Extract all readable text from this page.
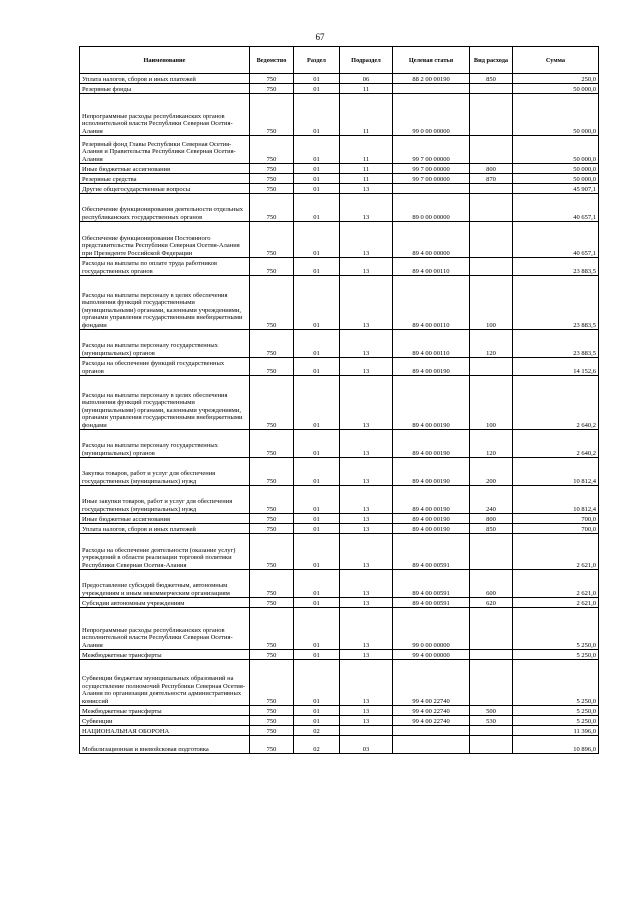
67
Наименование	Ведомство	Раздел	Подраздел	Целевая статья	Вид расхода	Сумма
Уплата налогов, сборов и иных платежей	750	01	06	88 2 00 00190	850	250,0
Резервные фонды	750	01	11			50 000,0
Непрограммные расходы республиканских органов исполнительной власти Республики Северная Осетия-Алания	750	01	11	99 0 00 00000		50 000,0
Резервный фонд Главы Республики Северная Осетия-Алания и Правительства Республики Северная Осетия-Алания	750	01	11	99 7 00 00000		50 000,0
Иные бюджетные ассигнования	750	01	11	99 7 00 00000	800	50 000,0
Резервные средства	750	01	11	99 7 00 00000	870	50 000,0
Другие общегосударственные вопросы	750	01	13			45 907,1
Обеспечение функционирования деятельности отдельных республиканских государственных органов	750	01	13	89 0 00 00000		40 657,1
Обеспечение функционирования Постоянного представительства Республики Северная Осетия-Алания при Президенте Российской Федерации	750	01	13	89 4 00 00000		40 657,1
Расходы на выплаты по оплате труда работников государственных органов	750	01	13	89 4 00 00110		23 883,5
Расходы на выплаты персоналу в целях обеспечения выполнения функций государственными (муниципальными) органами, казенными учреждениями, органами управления государственными внебюджетными фондами	750	01	13	89 4 00 00110	100	23 883,5
Расходы на выплаты персоналу государственных (муниципальных) органов	750	01	13	89 4 00 00110	120	23 883,5
Расходы на обеспечение функций государственных органов	750	01	13	89 4 00 00190		14 152,6
Расходы на выплаты персоналу в целях обеспечения выполнения функций государственными (муниципальными) органами, казенными учреждениями, органами управления государственными внебюджетными фондами	750	01	13	89 4 00 00190	100	2 640,2
Расходы на выплаты персоналу государственных (муниципальных) органов	750	01	13	89 4 00 00190	120	2 640,2
Закупка товаров, работ и услуг для обеспечения государственных (муниципальных) нужд	750	01	13	89 4 00 00190	200	10 812,4
Иные закупки товаров, работ и услуг для обеспечения государственных (муниципальных) нужд	750	01	13	89 4 00 00190	240	10 812,4
Иные бюджетные ассигнования	750	01	13	89 4 00 00190	800	700,0
Уплата налогов, сборов и иных платежей	750	01	13	89 4 00 00190	850	700,0
Расходы на обеспечение деятельности (оказание услуг) учреждений в области реализации торговой политики Республики Северная Осетия-Алания	750	01	13	89 4 00 00591		2 621,0
Предоставление субсидий бюджетным, автономным учреждениям и иным некоммерческим организациям	750	01	13	89 4 00 00591	600	2 621,0
Субсидии автономным учреждениям	750	01	13	89 4 00 00591	620	2 621,0
Непрограммные расходы республиканских органов исполнительной власти Республики Северная Осетия-Алания	750	01	13	99 0 00 00000		5 250,0
Межбюджетные трансферты	750	01	13	99 4 00 00000		5 250,0
Субвенции бюджетам муниципальных образований на осуществление полномочий Республики Северная Осетия-Алания по организации деятельности административных комиссий	750	01	13	99 4 00 22740		5 250,0
Межбюджетные трансферты	750	01	13	99 4 00 22740	500	5 250,0
Субвенции	750	01	13	99 4 00 22740	530	5 250,0
НАЦИОНАЛЬНАЯ ОБОРОНА	750	02				11 396,0
Мобилизационная и вневойсковая подготовка	750	02	03			10 896,0
